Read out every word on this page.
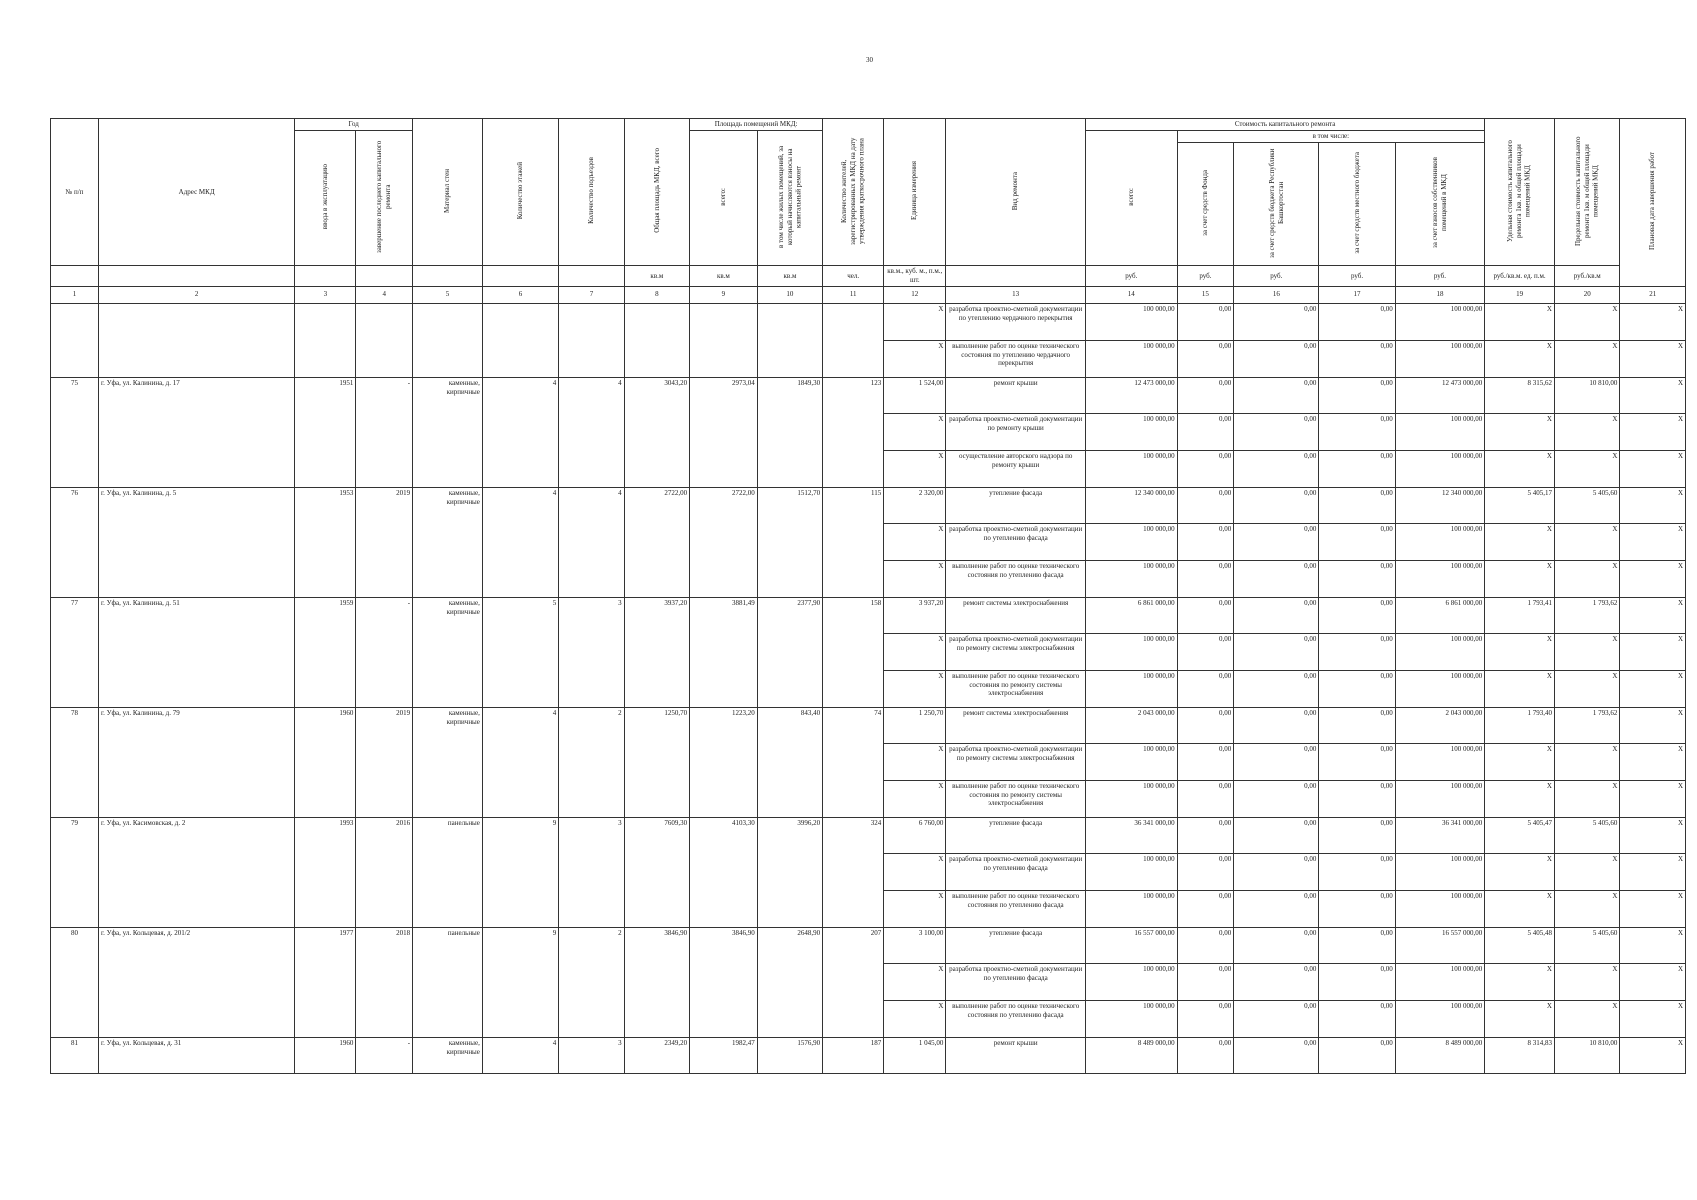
30
№ п/п	Адрес МКД	Год		Материал стен	Количество этажей	Количество подъездов	Общая площадь МКД, всего	Площадь помещений МКД:		Количество жителей, зарегистрированных в МКД на дату утверждения краткосрочного плана	Единица измерения	Вид ремонта	Стоимость капитального ремонта					Удельная стоимость капитального ремонта 1кв. м общей площади помещений МКД	Предельная стоимость капитального ремонта 1кв. м общей площади помещений МКД	Плановая дата завершения работ
		ввода в эксплуатацию	завершение последнего капитального ремонта					всего:	в том числе жилых помещений, за который начисляются взносы на капитальный ремонт				всего:	в том числе:						
														за счет средств Фонда	за счет средств бюджета Республики Башкортостан	за счет средств местного бюджета	за счет взносов собственников помещений в МКД			
							кв.м	кв.м	кв.м	чел.	кв.м., куб. м., п.м., шт.		руб.	руб.	руб.	руб.	руб.	руб./кв.м. ед. п.м.	руб./кв.м	
1	2	3	4	5	6	7	8	9	10	11	12	13	14	15	16	17	18	19	20	21
											X	разработка проектно-сметной документации по утеплению чердачного перекрытия	100 000,00	0,00	0,00	0,00	100 000,00	X	X	X
											X	выполнение работ по оценке технического состояния по утеплению чердачного перекрытия	100 000,00	0,00	0,00	0,00	100 000,00	X	X	X
75	г. Уфа, ул. Калинина, д. 17	1951	-	каменные, кирпичные	4	4	3043,20	2973,04	1849,30	123	1 524,00	ремонт крыши	12 473 000,00	0,00	0,00	0,00	12 473 000,00	8 315,62	10 810,00	X
											X	разработка проектно-сметной документации по ремонту крыши	100 000,00	0,00	0,00	0,00	100 000,00	X	X	X
											X	осуществление авторского надзора по ремонту крыши	100 000,00	0,00	0,00	0,00	100 000,00	X	X	X
76	г. Уфа, ул. Калинина, д. 5	1953	2019	каменные, кирпичные	4	4	2722,00	2722,00	1512,70	115	2 320,00	утепление фасада	12 340 000,00	0,00	0,00	0,00	12 340 000,00	5 405,17	5 405,60	X
											X	разработка проектно-сметной документации по утеплению фасада	100 000,00	0,00	0,00	0,00	100 000,00	X	X	X
											X	выполнение работ по оценке технического состояния по утеплению фасада	100 000,00	0,00	0,00	0,00	100 000,00	X	X	X
77	г. Уфа, ул. Калинина, д. 51	1959	-	каменные, кирпичные	5	3	3937,20	3881,49	2377,90	158	3 937,20	ремонт системы электроснабжения	6 861 000,00	0,00	0,00	0,00	6 861 000,00	1 793,41	1 793,62	X
											X	разработка проектно-сметной документации по ремонту системы электроснабжения	100 000,00	0,00	0,00	0,00	100 000,00	X	X	X
											X	выполнение работ по оценке технического состояния по ремонту системы электроснабжения	100 000,00	0,00	0,00	0,00	100 000,00	X	X	X
78	г. Уфа, ул. Калинина, д. 79	1960	2019	каменные, кирпичные	4	2	1250,70	1223,20	843,40	74	1 250,70	ремонт системы электроснабжения	2 043 000,00	0,00	0,00	0,00	2 043 000,00	1 793,40	1 793,62	X
											X	разработка проектно-сметной документации по ремонту системы электроснабжения	100 000,00	0,00	0,00	0,00	100 000,00	X	X	X
											X	выполнение работ по оценке технического состояния по ремонту системы электроснабжения	100 000,00	0,00	0,00	0,00	100 000,00	X	X	X
79	г. Уфа, ул. Касимовская, д. 2	1993	2016	панельные	9	3	7609,30	4103,30	3996,20	324	6 760,00	утепление фасада	36 341 000,00	0,00	0,00	0,00	36 341 000,00	5 405,47	5 405,60	X
											X	разработка проектно-сметной документации по утеплению фасада	100 000,00	0,00	0,00	0,00	100 000,00	X	X	X
											X	выполнение работ по оценке технического состояния по утеплению фасада	100 000,00	0,00	0,00	0,00	100 000,00	X	X	X
80	г. Уфа, ул. Кольцевая, д. 201/2	1977	2018	панельные	9	2	3846,90	3846,90	2648,90	207	3 100,00	утепление фасада	16 557 000,00	0,00	0,00	0,00	16 557 000,00	5 405,48	5 405,60	X
											X	разработка проектно-сметной документации по утеплению фасада	100 000,00	0,00	0,00	0,00	100 000,00	X	X	X
											X	выполнение работ по оценке технического состояния по утеплению фасада	100 000,00	0,00	0,00	0,00	100 000,00	X	X	X
81	г. Уфа, ул. Кольцевая, д. 31	1960	-	каменные, кирпичные	4	3	2349,20	1982,47	1576,90	187	1 045,00	ремонт крыши	8 489 000,00	0,00	0,00	0,00	8 489 000,00	8 314,83	10 810,00	X
